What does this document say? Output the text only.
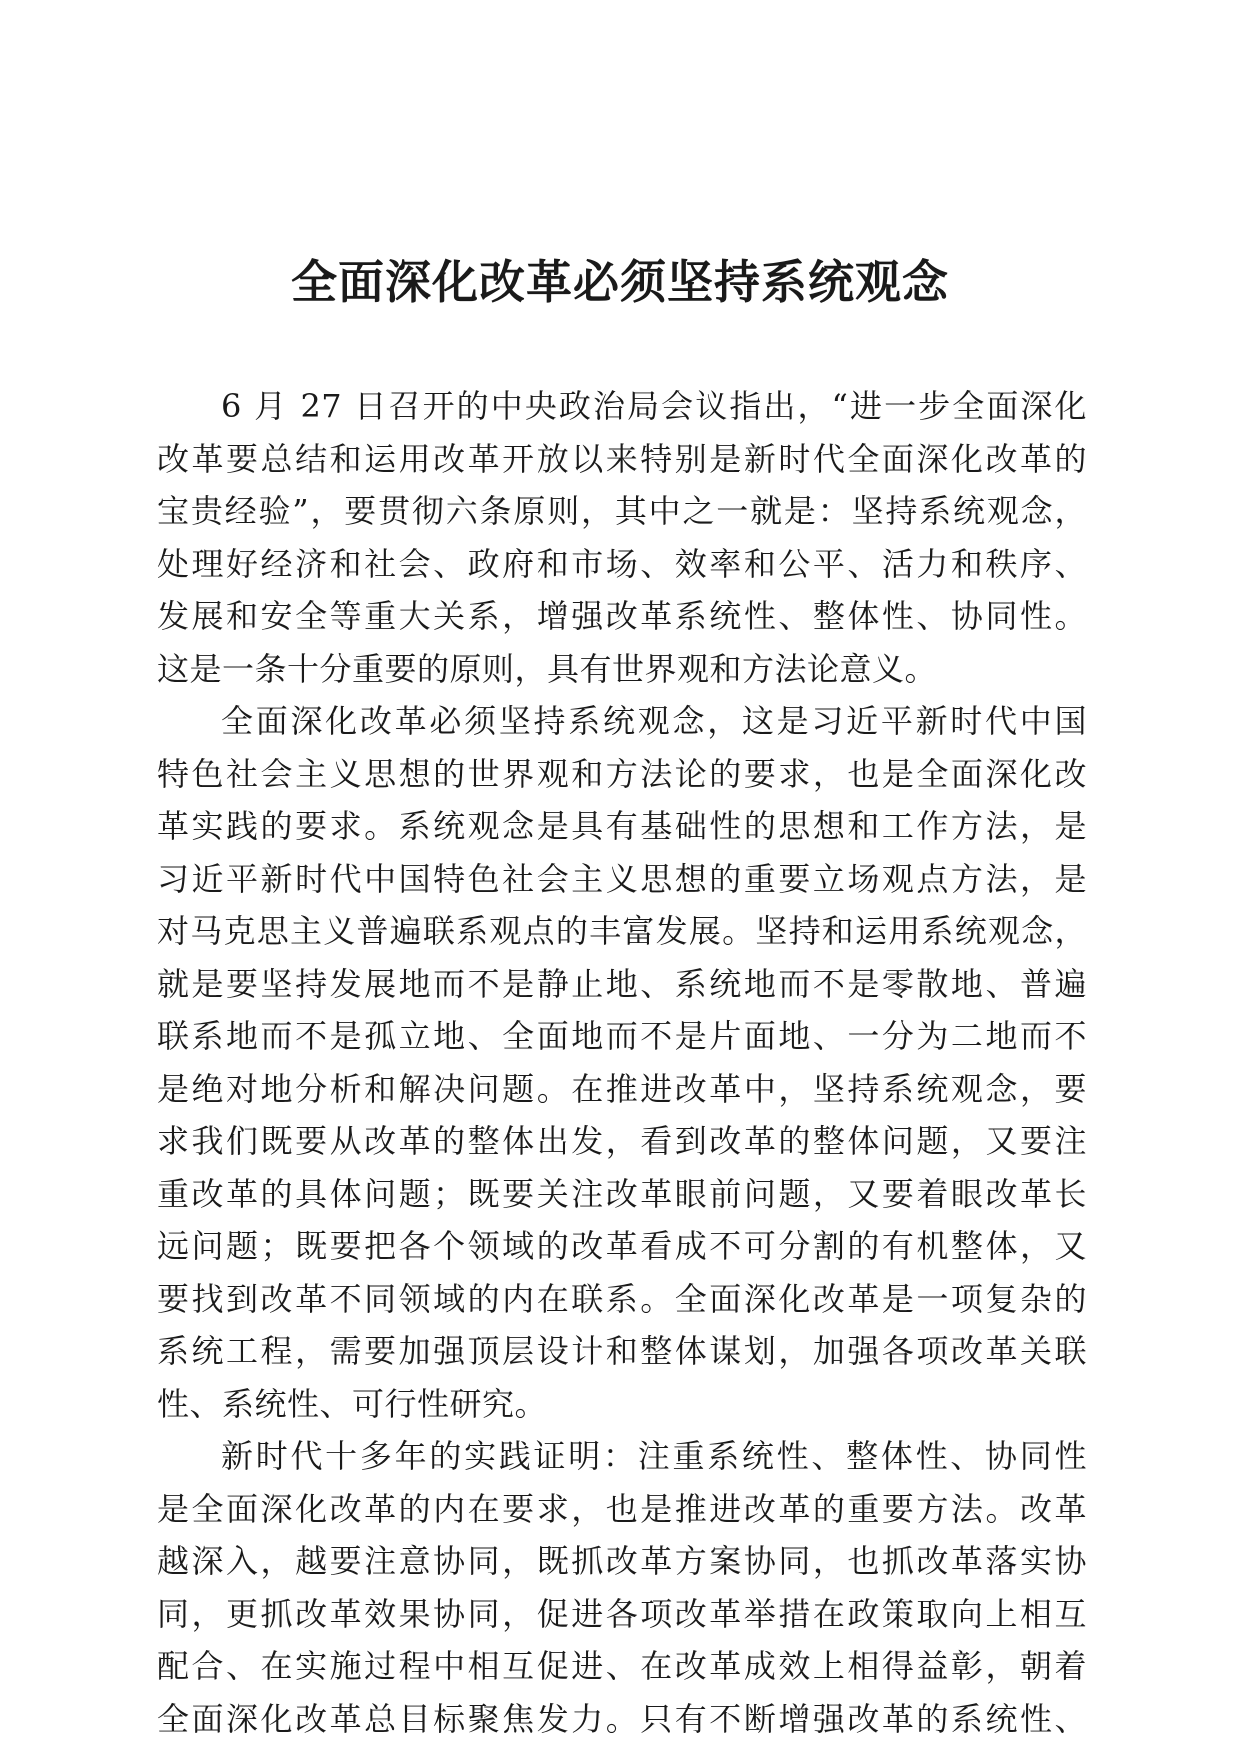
全面深化改革必须坚持系统观念
6 月 27 日召开的中央政治局会议指出，“进一步全面深化
改革要总结和运用改革开放以来特别是新时代全面深化改革的
宝贵经验”，要贯彻六条原则，其中之一就是：坚持系统观念，
处理好经济和社会、政府和市场、效率和公平、活力和秩序、
发展和安全等重大关系，增强改革系统性、整体性、协同性。
这是一条十分重要的原则，具有世界观和方法论意义。
全面深化改革必须坚持系统观念，这是习近平新时代中国
特色社会主义思想的世界观和方法论的要求，也是全面深化改
革实践的要求。系统观念是具有基础性的思想和工作方法，是
习近平新时代中国特色社会主义思想的重要立场观点方法，是
对马克思主义普遍联系观点的丰富发展。坚持和运用系统观念，
就是要坚持发展地而不是静止地、系统地而不是零散地、普遍
联系地而不是孤立地、全面地而不是片面地、一分为二地而不
是绝对地分析和解决问题。在推进改革中，坚持系统观念，要
求我们既要从改革的整体出发，看到改革的整体问题，又要注
重改革的具体问题；既要关注改革眼前问题，又要着眼改革长
远问题；既要把各个领域的改革看成不可分割的有机整体，又
要找到改革不同领域的内在联系。全面深化改革是一项复杂的
系统工程，需要加强顶层设计和整体谋划，加强各项改革关联
性、系统性、可行性研究。
新时代十多年的实践证明：注重系统性、整体性、协同性
是全面深化改革的内在要求，也是推进改革的重要方法。改革
越深入，越要注意协同，既抓改革方案协同，也抓改革落实协
同，更抓改革效果协同，促进各项改革举措在政策取向上相互
配合、在实施过程中相互促进、在改革成效上相得益彰，朝着
全面深化改革总目标聚焦发力。只有不断增强改革的系统性、
